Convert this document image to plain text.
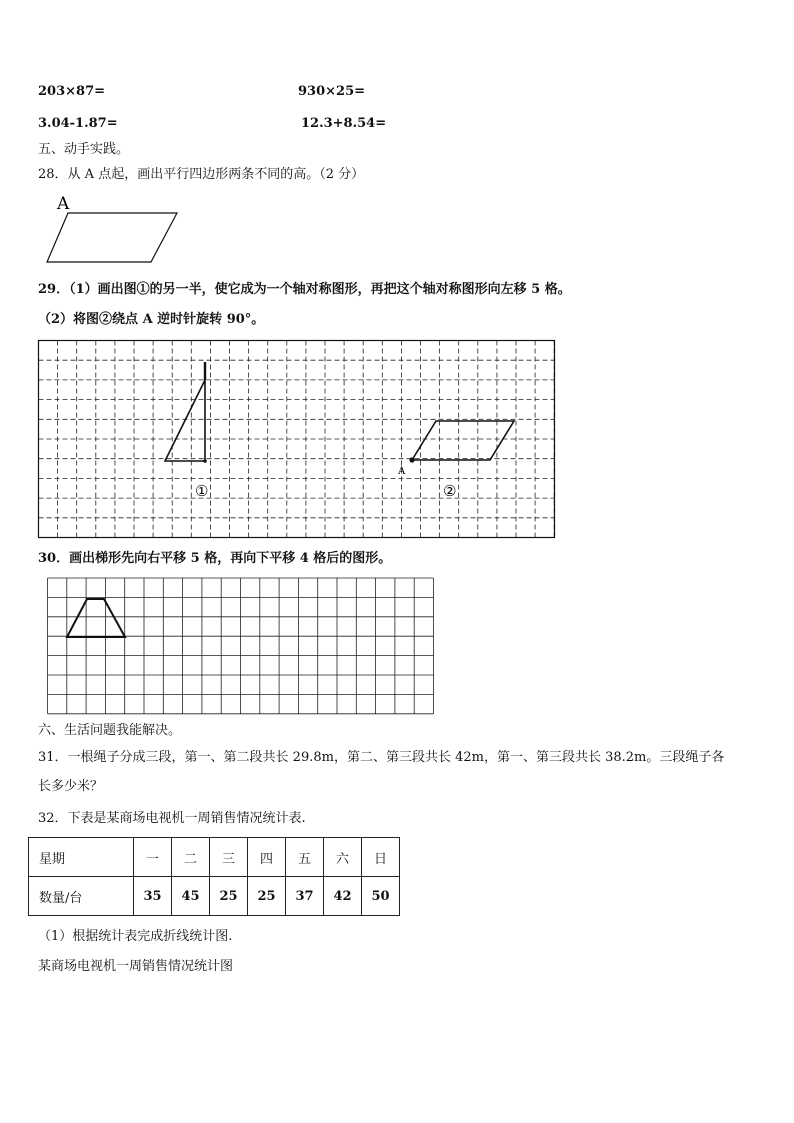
203×87=	930×25=
3.04-1.87=	12.3+8.54=
五、动手实践。
28．从 A 点起，画出平行四边形两条不同的高。（2 分）
A
29．（1）画出图①的另一半，使它成为一个轴对称图形，再把这个轴对称图形向左移 5 格。
（2）将图②绕点 A 逆时针旋转 90°。
A
①	②
30．画出梯形先向右平移 5 格，再向下平移 4 格后的图形。
六、生活问题我能解决。
31．一根绳子分成三段，第一、第二段共长 29.8m，第二、第三段共长 42m，第一、第三段共长 38.2m。三段绳子各
长多少米？
32．下表是某商场电视机一周销售情况统计表.
星期	一	二	三	四	五	六	日
数量/台	35	45	25	25	37	42	50
（1）根据统计表完成折线统计图.
某商场电视机一周销售情况统计图
